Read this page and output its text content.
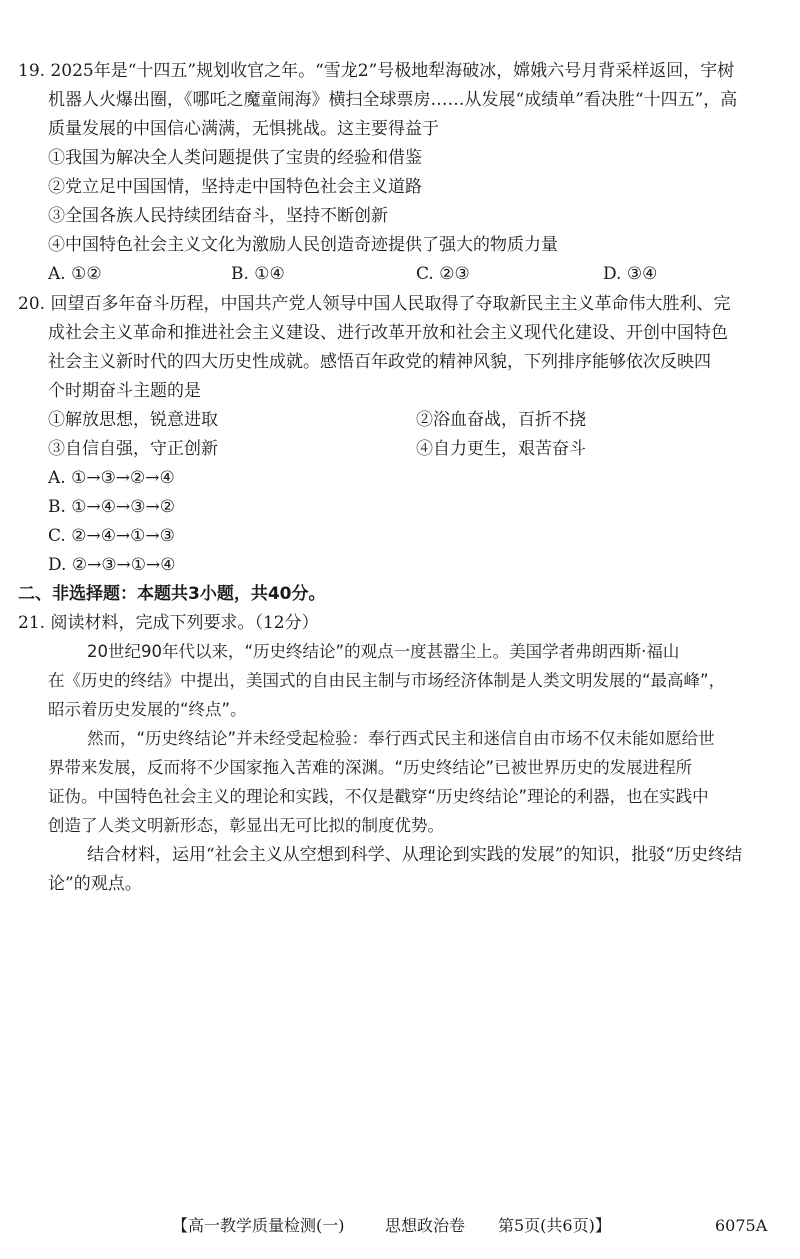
19. 2025年是“十四五”规划收官之年。“雪龙2”号极地犁海破冰，嫦娥六号月背采样返回，宇树
机器人火爆出圈，《哪吒之魔童闹海》横扫全球票房……从发展“成绩单”看决胜“十四五”，高
质量发展的中国信心满满，无惧挑战。这主要得益于
①我国为解决全人类问题提供了宝贵的经验和借鉴
②党立足中国国情，坚持走中国特色社会主义道路
③全国各族人民持续团结奋斗，坚持不断创新
④中国特色社会主义文化为激励人民创造奇迹提供了强大的物质力量
A. ①②	B. ①④	C. ②③	D. ③④
20. 回望百多年奋斗历程，中国共产党人领导中国人民取得了夺取新民主主义革命伟大胜利、完
成社会主义革命和推进社会主义建设、进行改革开放和社会主义现代化建设、开创中国特色
社会主义新时代的四大历史性成就。感悟百年政党的精神风貌，下列排序能够依次反映四
个时期奋斗主题的是
①解放思想，锐意进取	②浴血奋战，百折不挠
③自信自强，守正创新	④自力更生，艰苦奋斗
A. ①→③→②→④
B. ①→④→③→②
C. ②→④→①→③
D. ②→③→①→④
二、非选择题：本题共3小题，共40分。
21. 阅读材料，完成下列要求。（12分）
20世纪90年代以来，“历史终结论”的观点一度甚嚣尘上。美国学者弗朗西斯·福山
在《历史的终结》中提出，美国式的自由民主制与市场经济体制是人类文明发展的“最高峰”，
昭示着历史发展的“终点”。
然而，“历史终结论”并未经受起检验：奉行西式民主和迷信自由市场不仅未能如愿给世
界带来发展，反而将不少国家拖入苦难的深渊。“历史终结论”已被世界历史的发展进程所
证伪。中国特色社会主义的理论和实践，不仅是戳穿“历史终结论”理论的利器，也在实践中
创造了人类文明新形态，彰显出无可比拟的制度优势。
结合材料，运用“社会主义从空想到科学、从理论到实践的发展”的知识，批驳“历史终结
论”的观点。
【高一教学质量检测(一)	思想政治卷 第5页(共6页)】	6075A
